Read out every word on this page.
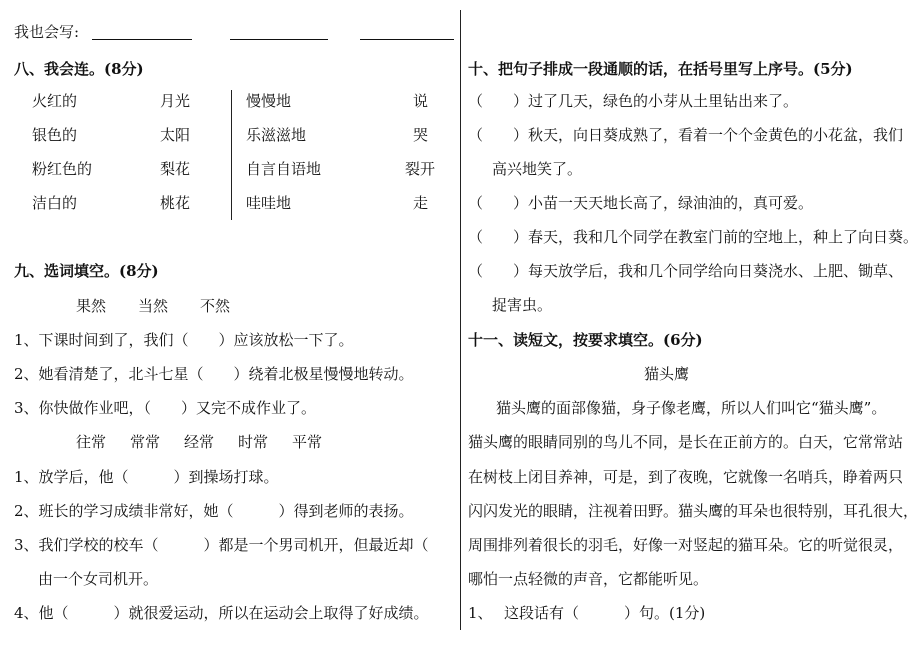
我也会写:
八、我会连。(8分)
火红的	月光
银色的	太阳
粉红色的	梨花
洁白的	桃花
慢慢地	说
乐滋滋地	哭
自言自语地	裂开
哇哇地	走
九、选词填空。(8分)
果然 当然 不然
1、下课时间到了，我们（　　）应该放松一下了。
2、她看清楚了，北斗七星（　　）绕着北极星慢慢地转动。
3、你快做作业吧，（　　）又完不成作业了。
往常 常常 经常 时常 平常
1、放学后，他（　　　）到操场打球。
2、班长的学习成绩非常好，她（　　　）得到老师的表扬。
3、我们学校的校车（　　　）都是一个男司机开，但最近却（
由一个女司机开。
4、他（　　　）就很爱运动，所以在运动会上取得了好成绩。
十、把句子排成一段通顺的话，在括号里写上序号。(5分)
（　　）过了几天，绿色的小芽从土里钻出来了。
（　　）秋天，向日葵成熟了，看着一个个金黄色的小花盆，我们
高兴地笑了。
（　　）小苗一天天地长高了，绿油油的，真可爱。
（　　）春天，我和几个同学在教室门前的空地上，种上了向日葵。
（　　）每天放学后，我和几个同学给向日葵浇水、上肥、锄草、
捉害虫。
十一、读短文，按要求填空。(6分)
猫头鹰
猫头鹰的面部像猫，身子像老鹰，所以人们叫它“猫头鹰”。
猫头鹰的眼睛同别的鸟儿不同，是长在正前方的。白天，它常常站
在树枝上闭目养神，可是，到了夜晚，它就像一名哨兵，睁着两只
闪闪发光的眼睛，注视着田野。猫头鹰的耳朵也很特别，耳孔很大，
周围排列着很长的羽毛，好像一对竖起的猫耳朵。它的听觉很灵，
哪怕一点轻微的声音，它都能听见。
1、 这段话有（　　　）句。(1分)
